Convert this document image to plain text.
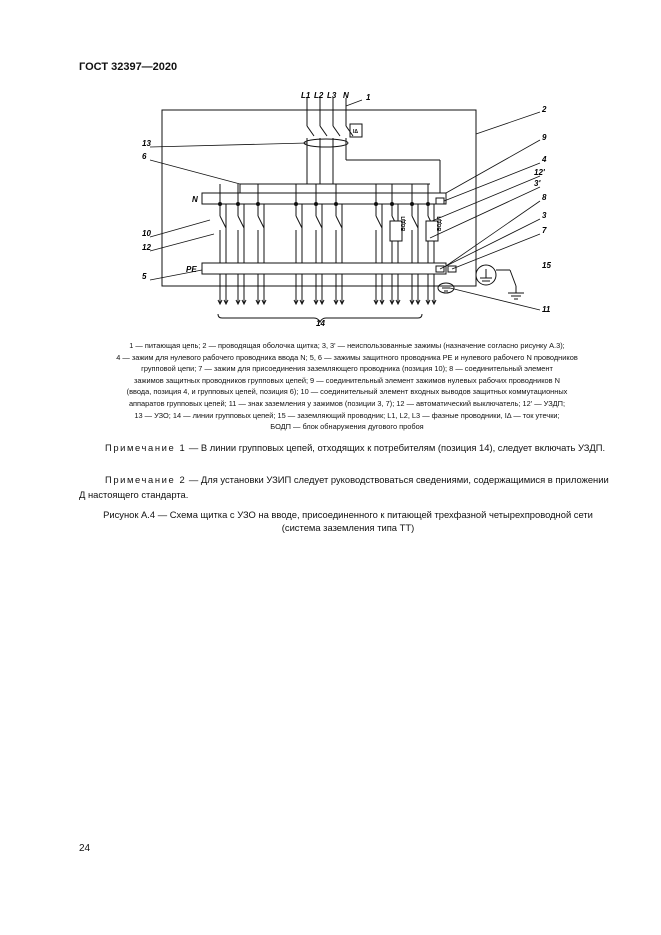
ГОСТ 32397—2020
БОДП	БОДП
L1 L2 L3 N
IΔ
N
PE
1
2
13
6
9
4
12'
3'
8
3
7
15
10
12
5
11
14
1 — питающая цепь; 2 — проводящая оболочка щитка; 3, 3' — неиспользованные зажимы (назначение согласно рисунку А.3);
4 — зажим для нулевого рабочего проводника ввода N; 5, 6 — зажимы защитного проводника PE и нулевого рабочего N проводников
групповой цепи; 7 — зажим для присоединения заземляющего проводника (позиция 10); 8 — соединительный элемент
зажимов защитных проводников групповых цепей; 9 — соединительный элемент зажимов нулевых рабочих проводников N
(ввода, позиция 4, и групповых цепей, позиция 6); 10 — соединительный элемент входных выводов защитных коммутационных
аппаратов групповых цепей; 11 — знак заземления у зажимов (позиции 3, 7); 12 — автоматический выключатель; 12' — УЗДП;
13 — УЗО; 14 — линии групповых цепей; 15 — заземляющий проводник; L1, L2, L3 — фазные проводники, IΔ — ток утечки;
БОДП — блок обнаружения дугового пробоя
Примечание 1 — В линии групповых цепей, отходящих к потребителям (позиция 14), следует включать УЗДП.
Примечание 2 — Для установки УЗИП следует руководствоваться сведениями, содержащимися в приложении Д настоящего стандарта.
Рисунок А.4 — Схема щитка с УЗО на вводе, присоединенного к питающей трехфазной четырехпроводной сети
(система заземления типа ТТ)
24
